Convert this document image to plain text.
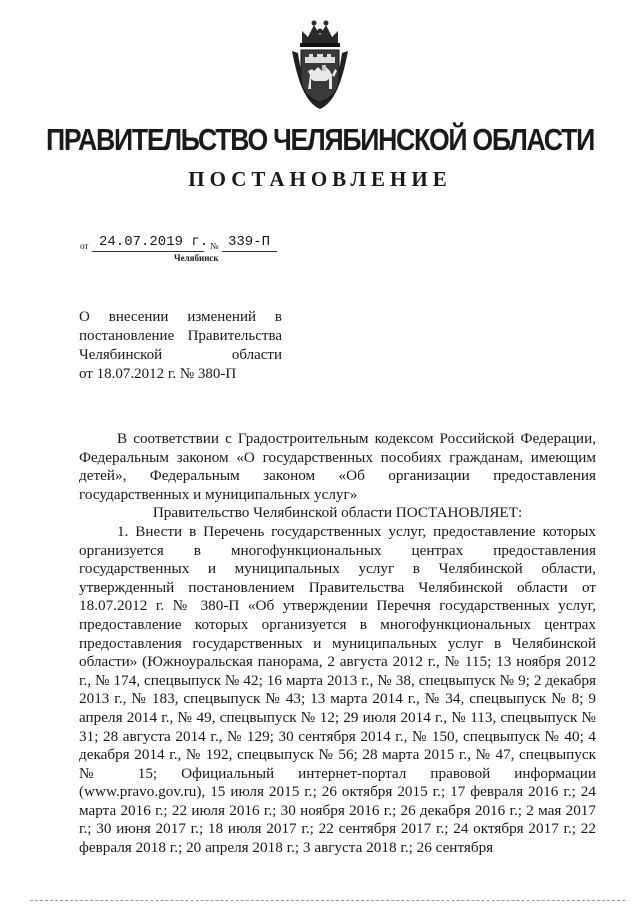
ПРАВИТЕЛЬСТВО ЧЕЛЯБИНСКОЙ ОБЛАСТИ
ПОСТАНОВЛЕНИЕ
от 24.07.2019 г. № 339-П
Челябинск
О внесении изменений в
постановление Правительства
Челябинской области
от 18.07.2012 г. № 380-П

В соответствии с Градостроительным кодексом Российской Федерации, Федеральным законом «О государственных пособиях гражданам, имеющим детей», Федеральным законом «Об организации предоставления государственных и муниципальных услуг»

Правительство Челябинской области ПОСТАНОВЛЯЕТ:

1. Внести в Перечень государственных услуг, предоставление которых организуется в многофункциональных центрах предоставления государственных и муниципальных услуг в Челябинской области, утвержденный постановлением Правительства Челябинской области от 18.07.2012 г. № 380-П «Об утверждении Перечня государственных услуг, предоставление которых организуется в многофункциональных центрах предоставления государственных и муниципальных услуг в Челябинской области» (Южноуральская панорама, 2 августа 2012 г., № 115; 13 ноября 2012 г., № 174, спецвыпуск № 42; 16 марта 2013 г., № 38, спецвыпуск № 9; 2 декабря 2013 г., № 183, спецвыпуск № 43; 13 марта 2014 г., № 34, спецвыпуск № 8; 9 апреля 2014 г., № 49, спецвыпуск № 12; 29 июля 2014 г., № 113, спецвыпуск № 31; 28 августа 2014 г., № 129; 30 сентября 2014 г., № 150, спецвыпуск № 40; 4 декабря 2014 г., № 192, спецвыпуск № 56; 28 марта 2015 г., № 47, спецвыпуск № 15; Официальный интернет-портал правовой информации (www.pravo.gov.ru), 15 июля 2015 г.; 26 октября 2015 г.; 17 февраля 2016 г.; 24 марта 2016 г.; 22 июля 2016 г.; 30 ноября 2016 г.; 26 декабря 2016 г.; 2 мая 2017 г.; 30 июня 2017 г.; 18 июля 2017 г.; 22 сентября 2017 г.; 24 октября 2017 г.; 22 февраля 2018 г.; 20 апреля 2018 г.; 3 августа 2018 г.; 26 сентября
